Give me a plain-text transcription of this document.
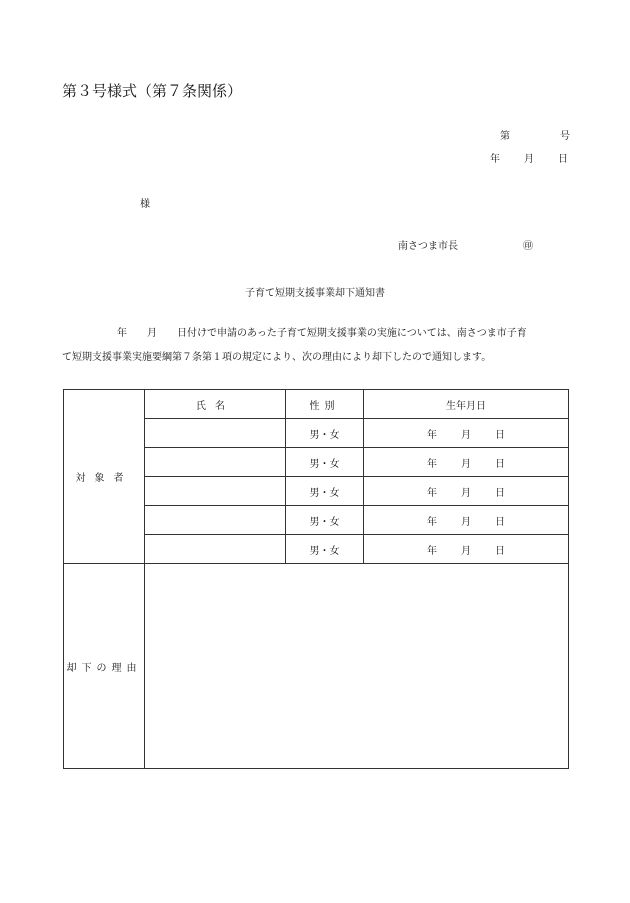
第３号様式（第７条関係）
第	号
年 月 日
様
南さつま市長	㊞
子育て短期支援事業却下通知書
年 月 日付けで申請のあった子育て短期支援事業の実施については、南さつま市子育
て短期支援事業実施要綱第７条第１項の規定により、次の理由により却下したので通知します。
対象者	氏名	性別	生年月日
		男・女	年 月 日
		男・女	年 月 日
		男・女	年 月 日
		男・女	年 月 日
		男・女	年 月 日
却下の理由			
